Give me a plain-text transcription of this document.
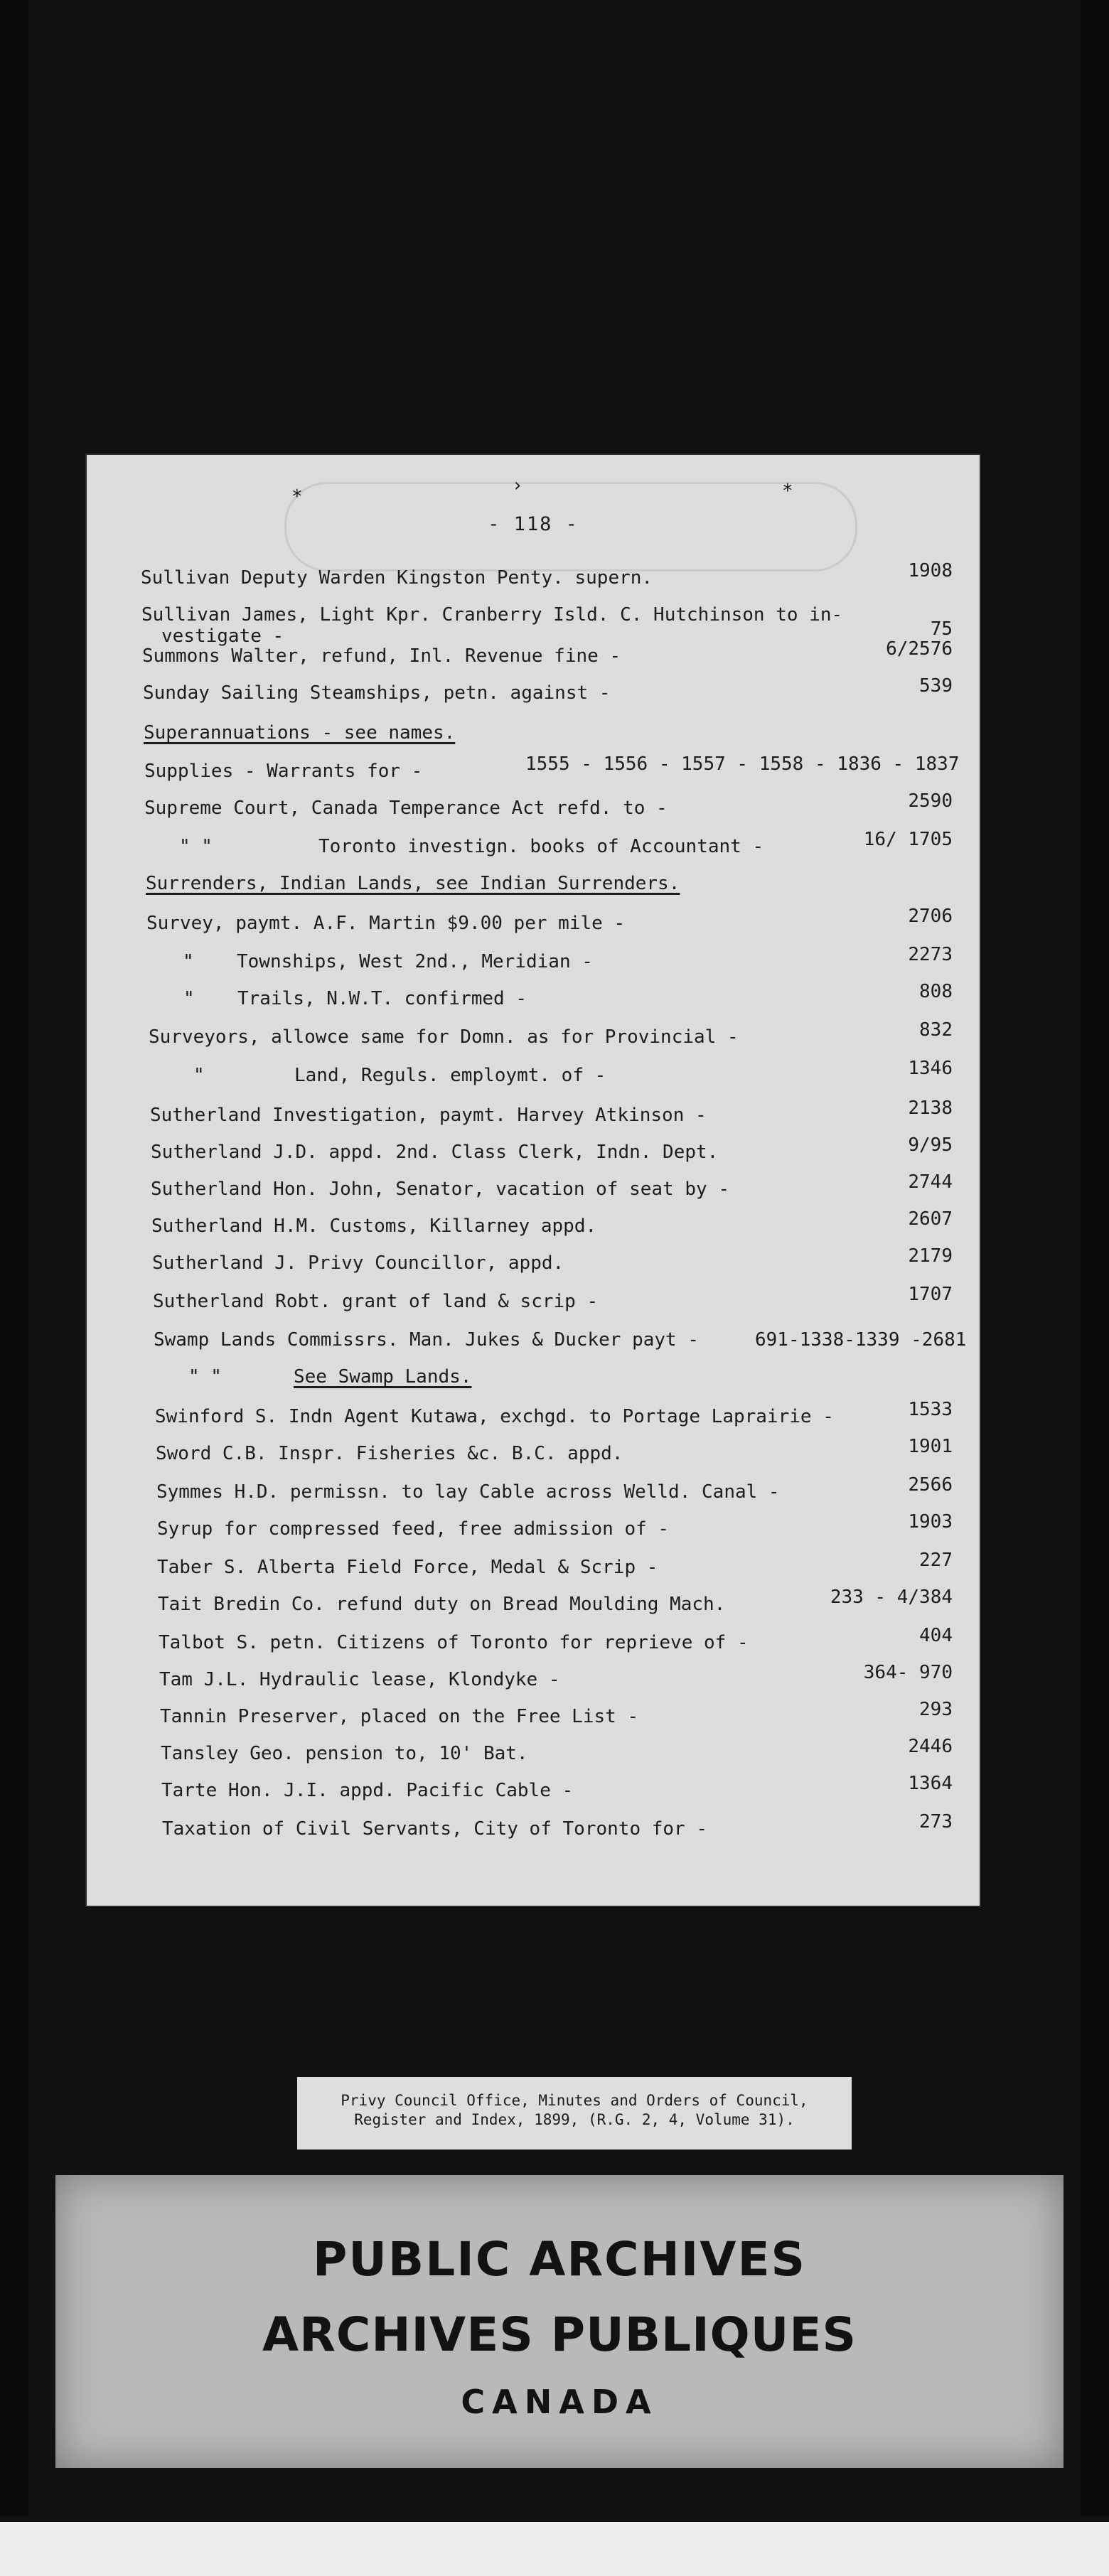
*
›	*
- 118 -
Sullivan Deputy Warden Kingston Penty. supern.	1908
Sullivan James, Light Kpr. Cranberry Isld. C. Hutchinson to in-
vestigate -	75
Summons Walter, refund, Inl. Revenue fine -	6/2576
Sunday Sailing Steamships, petn. against -	539
Superannuations - see names.
Supplies - Warrants for -	1555 - 1556 - 1557 - 1558 - 1836 - 1837
Supreme Court, Canada Temperance Act refd. to -	2590
" "	Toronto investign. books of Accountant -	16/ 1705
Surrenders, Indian Lands, see Indian Surrenders.
Survey, paymt. A.F. Martin $9.00 per mile -	2706
" Townships, West 2nd., Meridian -	2273
" Trails, N.W.T. confirmed -	808
Surveyors, allowce same for Domn. as for Provincial -	832
"	Land, Reguls. employmt. of -	1346
Sutherland Investigation, paymt. Harvey Atkinson -	2138
Sutherland J.D. appd. 2nd. Class Clerk, Indn. Dept.	9/95
Sutherland Hon. John, Senator, vacation of seat by -	2744
Sutherland H.M. Customs, Killarney appd.	2607
Sutherland J. Privy Councillor, appd.	2179
Sutherland Robt. grant of land & scrip -	1707
Swamp Lands Commissrs. Man. Jukes & Ducker payt -	691-1338-1339 -2681
" "	See Swamp Lands.
Swinford S. Indn Agent Kutawa, exchgd. to Portage Laprairie -	1533
Sword C.B. Inspr. Fisheries &c. B.C. appd.	1901
Symmes H.D. permissn. to lay Cable across Welld. Canal -	2566
Syrup for compressed feed, free admission of -	1903
Taber S. Alberta Field Force, Medal & Scrip -	227
Tait Bredin Co. refund duty on Bread Moulding Mach.	233 - 4/384
Talbot S. petn. Citizens of Toronto for reprieve of -	404
Tam J.L. Hydraulic lease, Klondyke -	364- 970
Tannin Preserver, placed on the Free List -	293
Tansley Geo. pension to, 10' Bat.	2446
Tarte Hon. J.I. appd. Pacific Cable -	1364
Taxation of Civil Servants, City of Toronto for -	273
Privy Council Office, Minutes and Orders of Council,
Register and Index, 1899, (R.G. 2, 4, Volume 31).
PUBLIC ARCHIVES
ARCHIVES PUBLIQUES
CANADA
